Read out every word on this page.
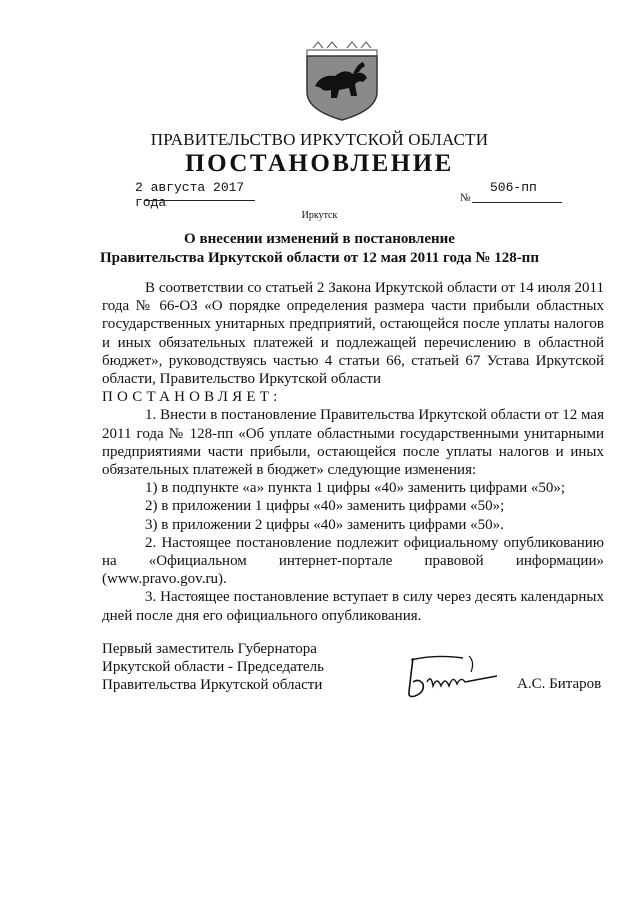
ПРАВИТЕЛЬСТВО ИРКУТСКОЙ ОБЛАСТИ
ПОСТАНОВЛЕНИЕ
2 августа 2017 года	№
506-пп
Иркутск
О внесении изменений в постановление
Правительства Иркутской области от 12 мая 2011 года № 128-пп

В соответствии со статьей 2 Закона Иркутской области от 14 июля 2011 года № 66-ОЗ «О порядке определения размера части прибыли областных государственных унитарных предприятий, остающейся после уплаты налогов и иных обязательных платежей и подлежащей перечислению в областной бюджет», руководствуясь частью 4 статьи 66, статьей 67 Устава Иркутской области, Правительство Иркутской области

ПОСТАНОВЛЯЕТ:

1. Внести в постановление Правительства Иркутской области от 12 мая 2011 года № 128-пп «Об уплате областными государственными унитарными предприятиями части прибыли, остающейся после уплаты налогов и иных обязательных платежей в бюджет» следующие изменения:

1) в подпункте «а» пункта 1 цифры «40» заменить цифрами «50»;

2) в приложении 1 цифры «40» заменить цифрами «50»;

3) в приложении 2 цифры «40» заменить цифрами «50».

2. Настоящее постановление подлежит официальному опубликованию на «Официальном интернет-портале правовой информации» (www.pravo.gov.ru).

3. Настоящее постановление вступает в силу через десять календарных дней после дня его официального опубликования.

Первый заместитель Губернатора
Иркутской области - Председатель
Правительства Иркутской области	А.С. Битаров
